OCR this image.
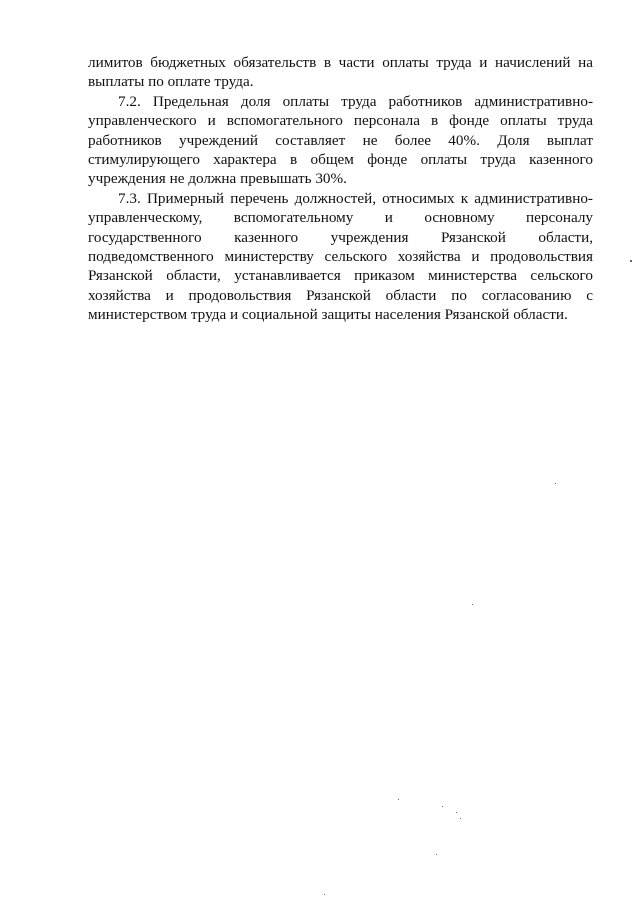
лимитов бюджетных обязательств в части оплаты труда и начислений на выплаты по оплате труда.

7.2. Предельная доля оплаты труда работников административно-управленческого и вспомогательного персонала в фонде оплаты труда работников учреждений составляет не более 40%. Доля выплат стимулирующего характера в общем фонде оплаты труда казенного учреждения не должна превышать 30%.

7.3. Примерный перечень должностей, относимых к административно-управленческому, вспомогательному и основному персоналу государственного казенного учреждения Рязанской области, подведомственного министерству сельского хозяйства и продовольствия Рязанской области, устанавливается приказом министерства сельского хозяйства и продовольствия Рязанской области по согласованию с министерством труда и социальной защиты населения Рязанской области.
